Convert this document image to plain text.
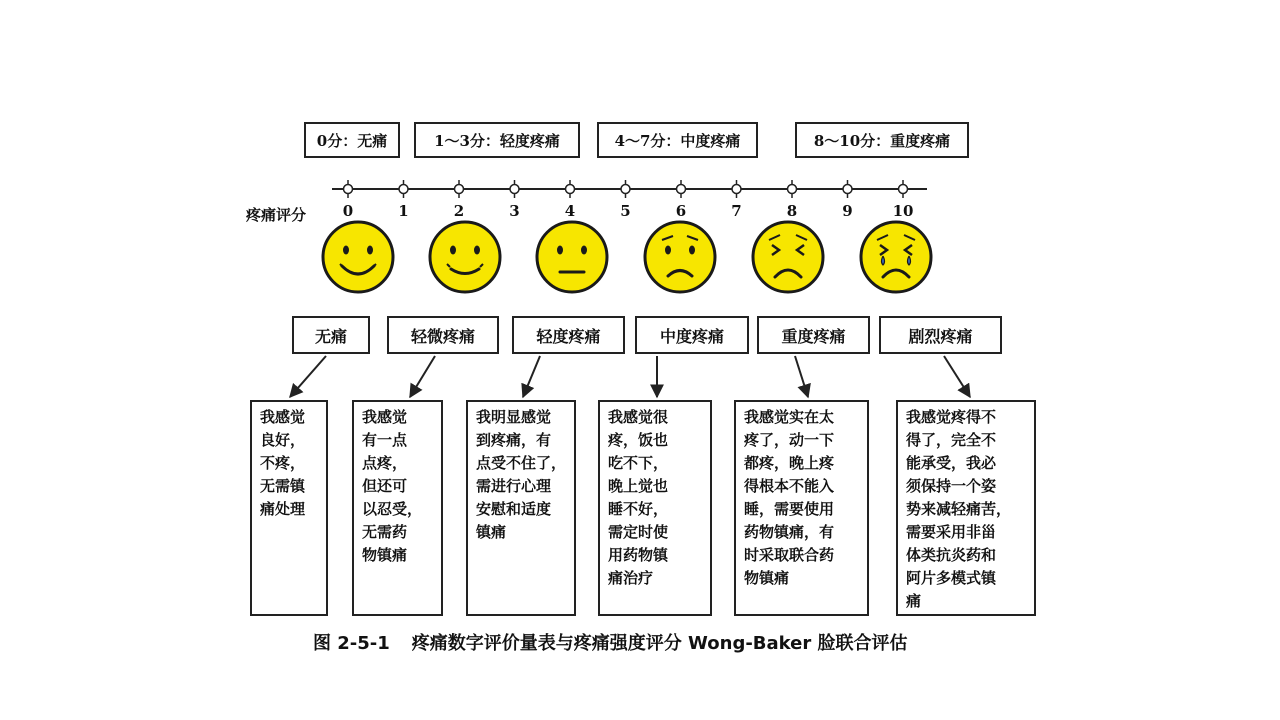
0分：无痛	1～3分：轻度疼痛	4～7分：中度疼痛	8～10分：重度疼痛
疼痛评分 0	1	2	3	4	5	6	7	8	9	10
无痛	轻微疼痛	轻度疼痛	中度疼痛	重度疼痛	剧烈疼痛
我感觉
良好，
不疼，
无需镇
痛处理
我感觉
有一点
点疼，
但还可
以忍受，
无需药
物镇痛
我明显感觉
到疼痛，有
点受不住了，
需进行心理
安慰和适度
镇痛
我感觉很
疼，饭也
吃不下，
晚上觉也
睡不好，
需定时使
用药物镇
痛治疗
我感觉实在太
疼了，动一下
都疼，晚上疼
得根本不能入
睡，需要使用
药物镇痛，有
时采取联合药
物镇痛
我感觉疼得不
得了，完全不
能承受，我必
须保持一个姿
势来减轻痛苦，
需要采用非甾
体类抗炎药和
阿片多模式镇
痛
图 2-5-1 疼痛数字评价量表与疼痛强度评分 Wong-Baker 脸联合评估
